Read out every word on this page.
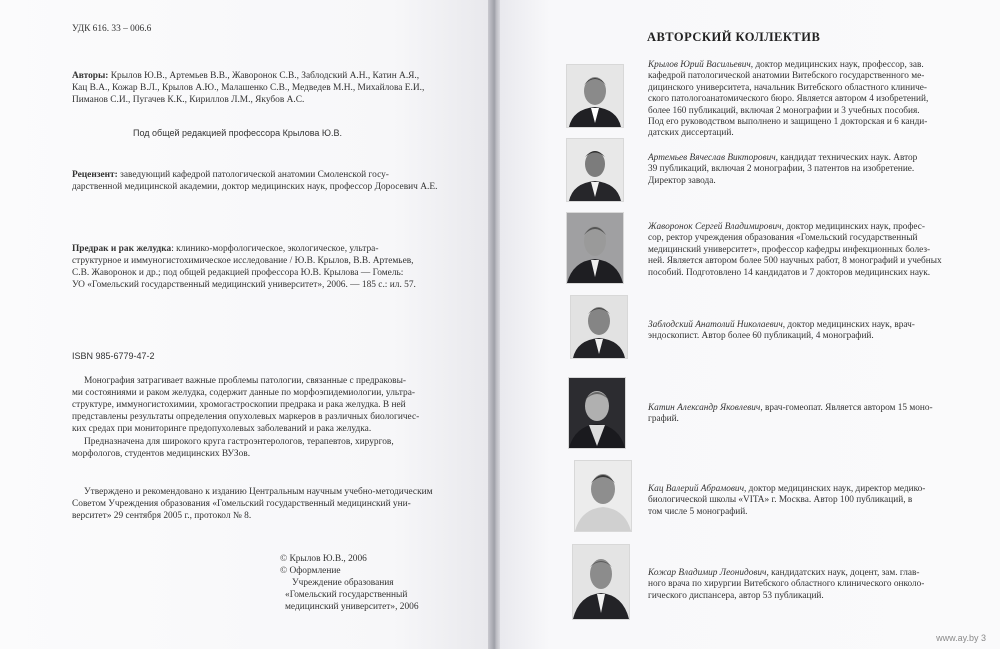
УДК 616. 33 – 006.6
Авторы: Крылов Ю.В., Артемьев В.В., Жаворонок С.В., Заблодский А.Н., Катин А.Я.,
Кац В.А., Кожар В.Л., Крылов А.Ю., Малашенко С.В., Медведев М.Н., Михайлова Е.И.,
Пиманов С.И., Пугачев К.К., Кириллов Л.М., Якубов А.С.
Под общей редакцией профессора Крылова Ю.В.
Рецензент: заведующий кафедрой патологической анатомии Смоленской госу-
дарственной медицинской академии, доктор медицинских наук, профессор Доросевич А.Е.
Предрак и рак желудка: клинико-морфологическое, экологическое, ультра-
структурное и иммуногистохимическое исследование / Ю.В. Крылов, В.В. Артемьев,
С.В. Жаворонок и др.; под общей редакцией профессора Ю.В. Крылова — Гомель:
УО «Гомельский государственный медицинский университет», 2006. — 185 с.: ил. 57.
ISBN 985-6779-47-2
Монография затрагивает важные проблемы патологии, связанные с предраковы-
ми состояниями и раком желудка, содержит данные по морфоэпидемиологии, ультра-
структуре, иммуногистохимии, хромогастроскопии предрака и рака желудка. В ней
представлены результаты определения опухолевых маркеров в различных биологичес-
ких средах при мониторинге предопухолевых заболеваний и рака желудка.
Предназначена для широкого круга гастроэнтерологов, терапевтов, хирургов,
морфологов, студентов медицинских ВУЗов.
Утверждено и рекомендовано к изданию Центральным научным учебно-методическим
Советом Учреждения образования «Гомельский государственный медицинский уни-
верситет» 29 сентября 2005 г., протокол № 8.
© Крылов Ю.В., 2006
© Оформление
Учреждение образования
«Гомельский государственный
медицинский университет», 2006
АВТОРСКИЙ КОЛЛЕКТИВ
Крылов Юрий Васильевич, доктор медицинских наук, профессор, зав.
кафедрой патологической анатомии Витебского государственного ме-
дицинского университета, начальник Витебского областного клиниче-
ского патологоанатомического бюро. Является автором 4 изобретений,
более 160 публикаций, включая 2 монографии и 3 учебных пособия.
Под его руководством выполнено и защищено 1 докторская и 6 канди-
датских диссертаций.
Артемьев Вячеслав Викторович, кандидат технических наук. Автор
39 публикаций, включая 2 монографии, 3 патентов на изобретение.
Директор завода.
Жаворонок Сергей Владимирович, доктор медицинских наук, профес-
сор, ректор учреждения образования «Гомельский государственный
медицинский университет», профессор кафедры инфекционных болез-
ней. Является автором более 500 научных работ, 8 монографий и учебных
пособий. Подготовлено 14 кандидатов и 7 докторов медицинских наук.
Заблодский Анатолий Николаевич, доктор медицинских наук, врач-
эндоскопист. Автор более 60 публикаций, 4 монографий.
Катин Александр Яковлевич, врач-гомеопат. Является автором 15 моно-
графий.
Кац Валерий Абрамович, доктор медицинских наук, директор медико-
биологической школы «VITA» г. Москва. Автор 100 публикаций, в
том числе 5 монографий.
Кожар Владимир Леонидович, кандидатских наук, доцент, зам. глав-
ного врача по хирургии Витебского областного клинического онколо-
гического диспансера, автор 53 публикаций.
www.ay.by 3
